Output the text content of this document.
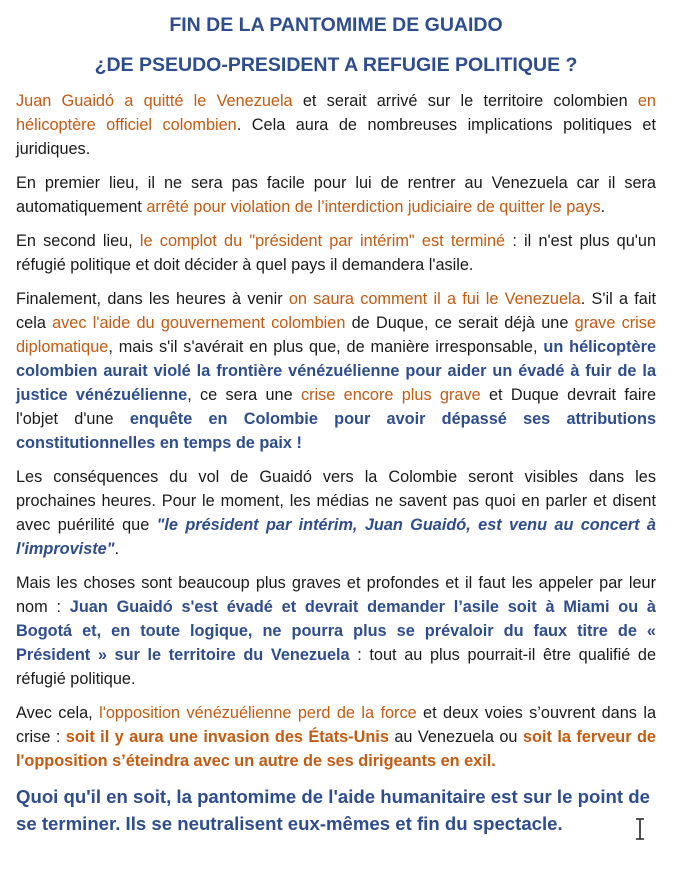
FIN DE LA PANTOMIME DE GUAIDO
¿DE PSEUDO-PRESIDENT A REFUGIE POLITIQUE ?

Juan Guaidó a quitté le Venezuela et serait arrivé sur le territoire colombien en hélicoptère officiel colombien. Cela aura de nombreuses implications politiques et juridiques.

En premier lieu, il ne sera pas facile pour lui de rentrer au Venezuela car il sera automatiquement arrêté pour violation de l’interdiction judiciaire de quitter le pays.

En second lieu, le complot du "président par intérim" est terminé : il n'est plus qu'un réfugié politique et doit décider à quel pays il demandera l'asile.

Finalement, dans les heures à venir on saura comment il a fui le Venezuela. S'il a fait cela avec l'aide du gouvernement colombien de Duque, ce serait déjà une grave crise diplomatique, mais s'il s'avérait en plus que, de manière irresponsable, un hélicoptère colombien aurait violé la frontière vénézuélienne pour aider un évadé à fuir de la justice vénézuélienne, ce sera une crise encore plus grave et Duque devrait faire l'objet d'une enquête en Colombie pour avoir dépassé ses attributions constitutionnelles en temps de paix !

Les conséquences du vol de Guaidó vers la Colombie seront visibles dans les prochaines heures. Pour le moment, les médias ne savent pas quoi en parler et disent avec puérilité que "le président par intérim, Juan Guaidó, est venu au concert à l'improviste".

Mais les choses sont beaucoup plus graves et profondes et il faut les appeler par leur nom : Juan Guaidó s'est évadé et devrait demander l’asile soit à Miami ou à Bogotá et, en toute logique, ne pourra plus se prévaloir du faux titre de « Président » sur le territoire du Venezuela : tout au plus pourrait-il être qualifié de réfugié politique.

Avec cela, l'opposition vénézuélienne perd de la force et deux voies s’ouvrent dans la crise : soit il y aura une invasion des États-Unis au Venezuela ou soit la ferveur de l'opposition s’éteindra avec un autre de ses dirigeants en exil.

Quoi qu'il en soit, la pantomime de l'aide humanitaire est sur le point de se terminer. Ils se neutralisent eux-mêmes et fin du spectacle.
